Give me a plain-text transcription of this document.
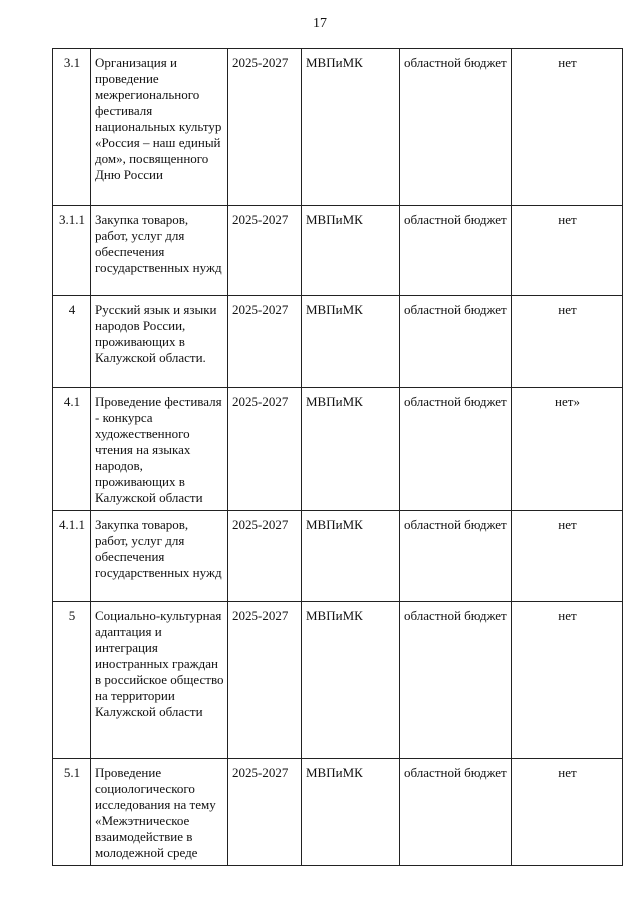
17
3.1	Организация и проведение межрегионального фестиваля национальных культур «Россия – наш единый дом», посвященного Дню России	2025-2027	МВПиМК	областной бюджет	нет
3.1.1	Закупка товаров, работ, услуг для обеспечения государственных нужд	2025-2027	МВПиМК	областной бюджет	нет
4	Русский язык и языки народов России, проживающих в Калужской области.	2025-2027	МВПиМК	областной бюджет	нет
4.1	Проведение фестиваля - конкурса художественного чтения на языках народов, проживающих в Калужской области	2025-2027	МВПиМК	областной бюджет	нет»
4.1.1	Закупка товаров, работ, услуг для обеспечения государственных нужд	2025-2027	МВПиМК	областной бюджет	нет
5	Социально-культурная адаптация и интеграция иностранных граждан в российское общество на территории Калужской области	2025-2027	МВПиМК	областной бюджет	нет
5.1	Проведение социологического исследования на тему «Межэтническое взаимодействие в молодежной среде	2025-2027	МВПиМК	областной бюджет	нет
